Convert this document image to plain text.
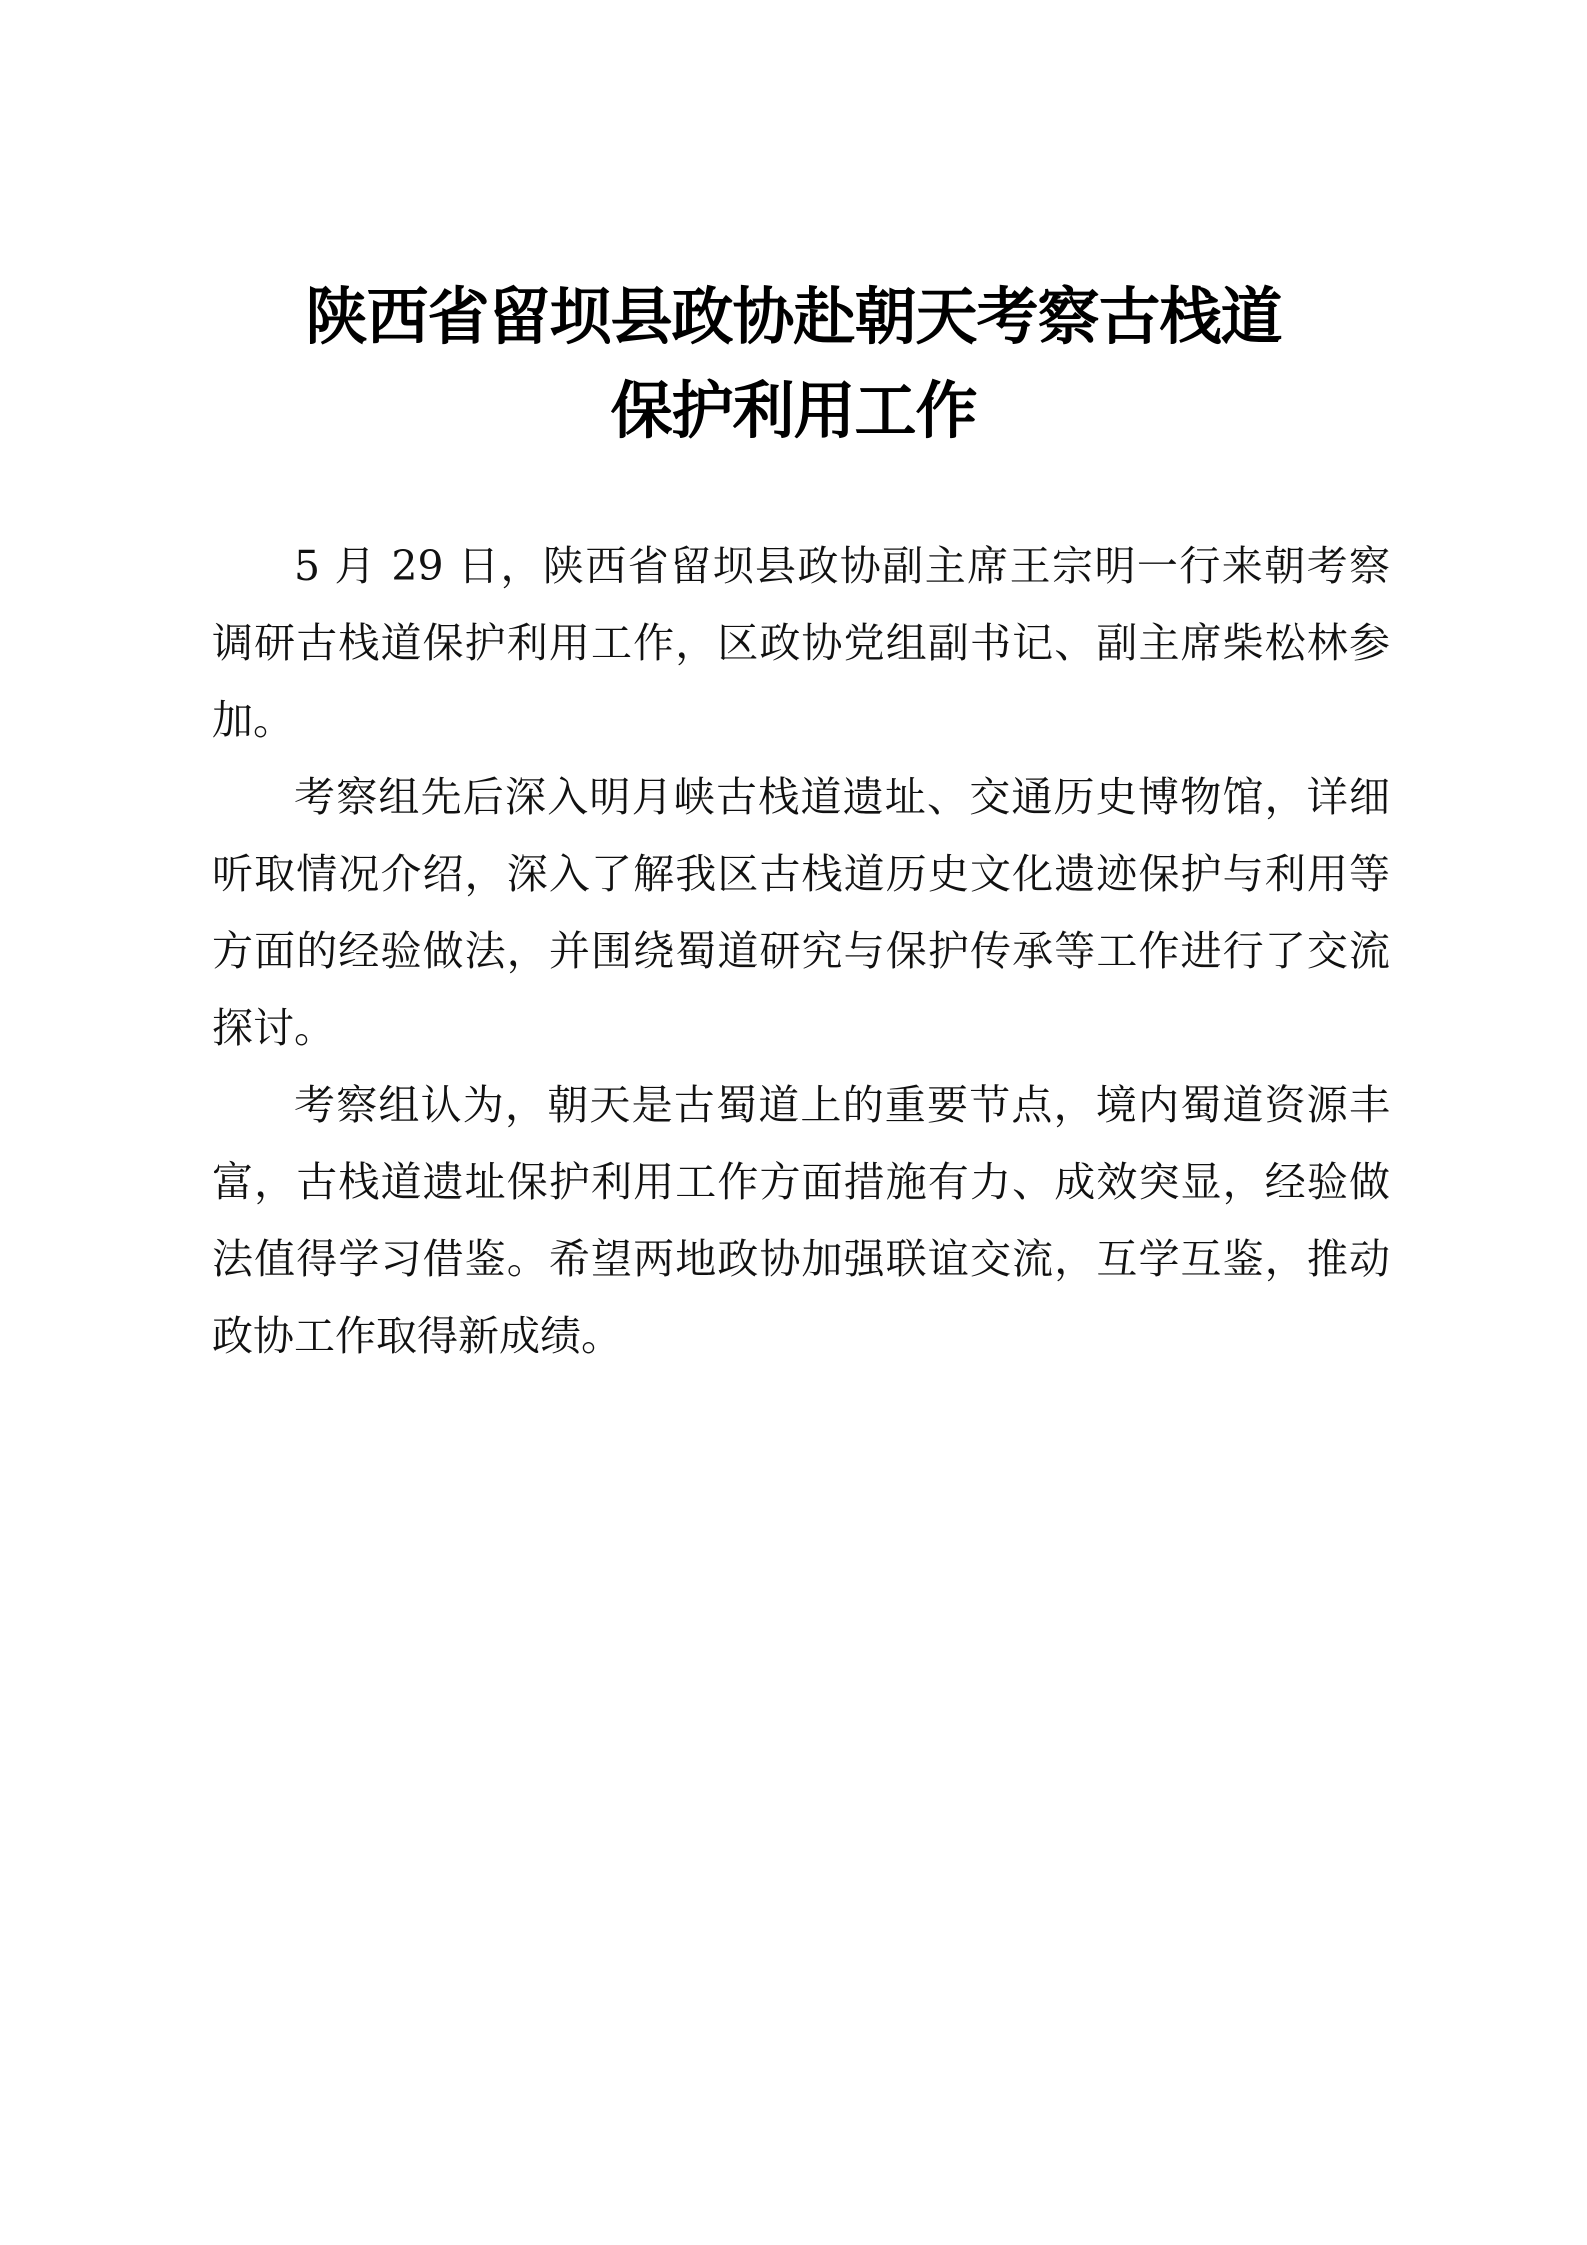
陕西省留坝县政协赴朝天考察古栈道
保护利用工作

5 月 29 日，陕西省留坝县政协副主席王宗明一行来朝考察调研古栈道保护利用工作，区政协党组副书记、副主席柴松林参加。

考察组先后深入明月峡古栈道遗址、交通历史博物馆，详细听取情况介绍，深入了解我区古栈道历史文化遗迹保护与利用等方面的经验做法，并围绕蜀道研究与保护传承等工作进行了交流探讨。

考察组认为，朝天是古蜀道上的重要节点，境内蜀道资源丰富，古栈道遗址保护利用工作方面措施有力、成效突显，经验做法值得学习借鉴。希望两地政协加强联谊交流，互学互鉴，推动政协工作取得新成绩。
